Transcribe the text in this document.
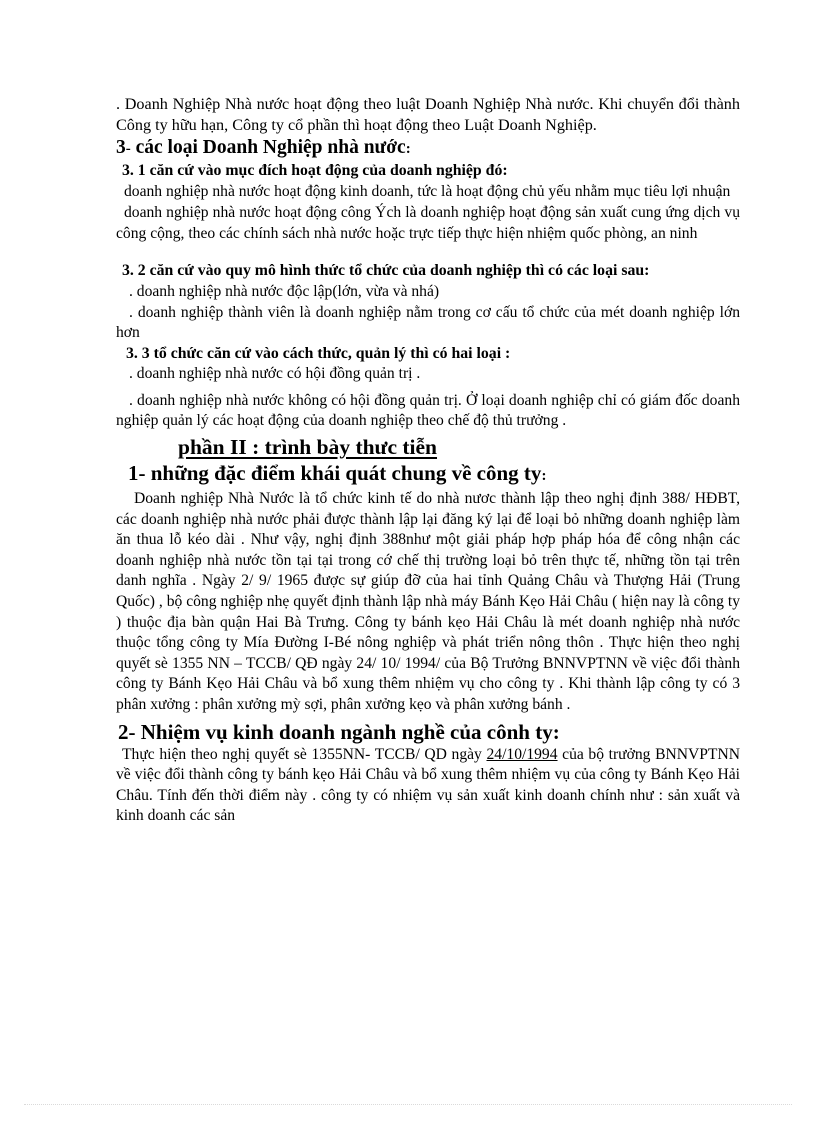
. Doanh Nghiệp Nhà nước hoạt động theo luật Doanh Nghiệp Nhà nước. Khi chuyển đổi thành Công ty hữu hạn, Công ty cổ phần thì hoạt động theo Luật Doanh Nghiệp.

3- các loại Doanh Nghiệp nhà nước:

3. 1 căn cứ vào mục đích hoạt động của doanh nghiệp đó:

doanh nghiệp nhà nước hoạt động kinh doanh, tức là hoạt động chủ yếu nhằm mục tiêu lợi nhuận

doanh nghiệp nhà nước hoạt động công Ých là doanh nghiệp hoạt động sản xuất cung ứng dịch vụ công cộng, theo các chính sách nhà nước hoặc trực tiếp thực hiện nhiệm quốc phòng, an ninh

3. 2 căn cứ vào quy mô hình thức tổ chức của doanh nghiệp thì có các loại sau:

. doanh nghiệp nhà nước độc lập(lớn, vừa và nhá)

. doanh nghiệp thành viên là doanh nghiệp nằm trong cơ cấu tổ chức của mét doanh nghiệp lớn hơn

3. 3 tổ chức căn cứ vào cách thức, quản lý thì có hai loại :

. doanh nghiệp nhà nước có hội đồng quản trị .

. doanh nghiệp nhà nước không có hội đồng quản trị. Ở loại doanh nghiệp chỉ có giám đốc doanh nghiệp quản lý các hoạt động của doanh nghiệp theo chế độ thủ trưởng .

phần II : trình bày thưc tiễn

1- những đặc điểm khái quát chung về công ty:

Doanh nghiệp Nhà Nước là tổ chức kinh tế do nhà nươc thành lập theo nghị định 388/ HĐBT, các doanh nghiệp nhà nước phải được thành lập lại đăng ký lại để loại bỏ những doanh nghiệp làm ăn thua lỗ kéo dài . Như vậy, nghị định 388như một giải pháp hợp pháp hóa để công nhận các doanh nghiệp nhà nước tồn tại tại trong cớ chế thị trường loại bỏ trên thực tế, những tồn tại trên danh nghĩa . Ngày 2/ 9/ 1965 được sự giúp đỡ của hai tỉnh Quảng Châu và Thượng Hải (Trung Quốc) , bộ công nghiệp nhẹ quyết định thành lập nhà máy Bánh Kẹo Hải Châu ( hiện nay là công ty ) thuộc địa bàn quận Hai Bà Trưng. Công ty bánh kẹo Hải Châu là mét doanh nghiệp nhà nước thuộc tổng công ty Mía Đường I-Bé nông nghiệp và phát triển nông thôn . Thực hiện theo nghị quyết sè 1355 NN – TCCB/ QĐ ngày 24/ 10/ 1994/ của Bộ Trưởng BNNVPTNN về việc đổi thành công ty Bánh Kẹo Hải Châu và bổ xung thêm nhiệm vụ cho công ty . Khi thành lập công ty có 3 phân xưởng : phân xưởng mỳ sợi, phân xưởng kẹo và phân xưởng bánh .

2- Nhiệm vụ kinh doanh ngành nghề của cônh ty:

Thực hiện theo nghị quyết sè 1355NN- TCCB/ QD ngày 24/10/1994 của bộ trưởng BNNVPTNN về việc đổi thành công ty bánh kẹo Hải Châu và bổ xung thêm nhiệm vụ của công ty Bánh Kẹo Hải Châu. Tính đến thời điểm này . công ty có nhiệm vụ sản xuất kinh doanh chính như : sản xuất và kinh doanh các sản
